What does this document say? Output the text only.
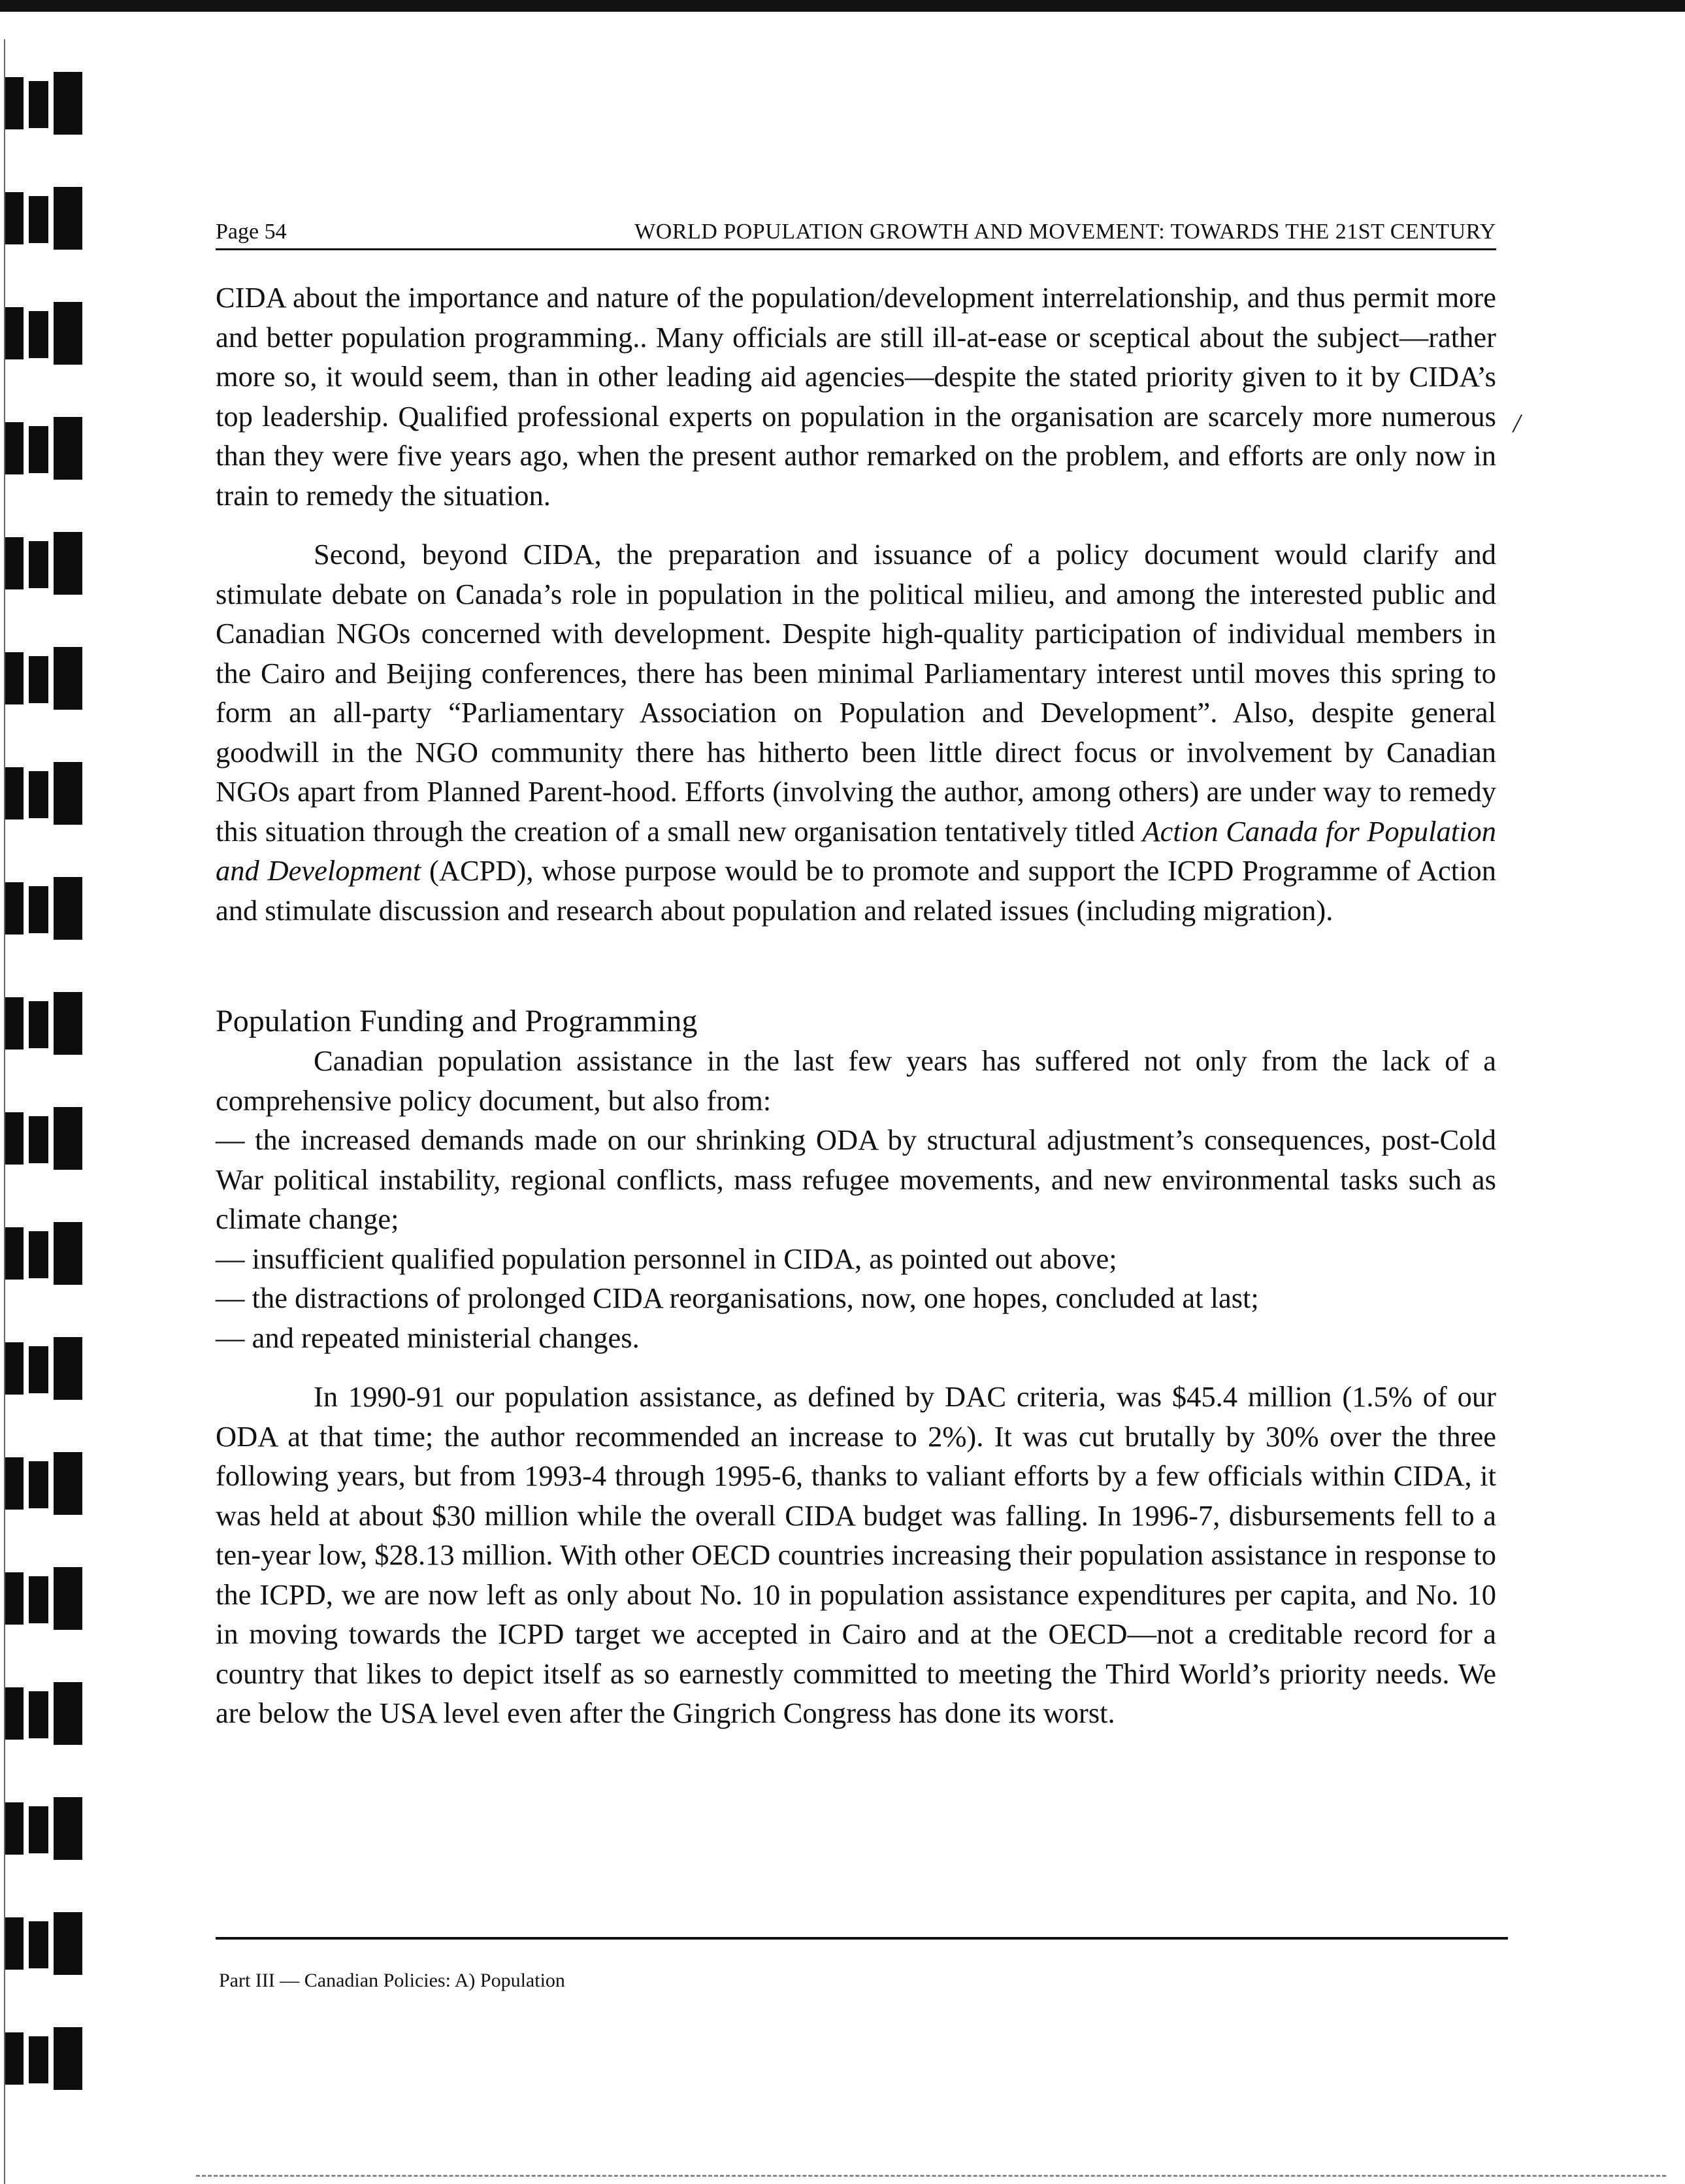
Page 54	WORLD POPULATION GROWTH AND MOVEMENT: TOWARDS THE 21ST CENTURY
/

CIDA about the importance and nature of the population/development interrelationship, and thus permit more and better population programming.. Many officials are still ill-at-ease or sceptical about the subject—rather more so, it would seem, than in other leading aid agencies—despite the stated priority given to it by CIDA’s top leadership. Qualified professional experts on population in the organisation are scarcely more numerous than they were five years ago, when the present author remarked on the problem, and efforts are only now in train to remedy the situation.

Second, beyond CIDA, the preparation and issuance of a policy document would clarify and stimulate debate on Canada’s role in population in the political milieu, and among the interested public and Canadian NGOs concerned with development. Despite high-quality participation of individual members in the Cairo and Beijing conferences, there has been minimal Parliamentary interest until moves this spring to form an all-party “Parliamentary Association on Population and Development”. Also, despite general goodwill in the NGO community there has hitherto been little direct focus or involvement by Canadian NGOs apart from Planned Parent-hood. Efforts (involving the author, among others) are under way to remedy this situation through the creation of a small new organisation tentatively titled Action Canada for Population and Development (ACPD), whose purpose would be to promote and support the ICPD Programme of Action and stimulate discussion and research about population and related issues (including migration).

Population Funding and Programming

Canadian population assistance in the last few years has suffered not only from the lack of a comprehensive policy document, but also from:

— the increased demands made on our shrinking ODA by structural adjustment’s consequences, post-Cold War political instability, regional conflicts, mass refugee movements, and new environmental tasks such as climate change;

— insufficient qualified population personnel in CIDA, as pointed out above;

— the distractions of prolonged CIDA reorganisations, now, one hopes, concluded at last;

— and repeated ministerial changes.

In 1990-91 our population assistance, as defined by DAC criteria, was $45.4 million (1.5% of our ODA at that time; the author recommended an increase to 2%). It was cut brutally by 30% over the three following years, but from 1993-4 through 1995-6, thanks to valiant efforts by a few officials within CIDA, it was held at about $30 million while the overall CIDA budget was falling. In 1996-7, disbursements fell to a ten-year low, $28.13 million. With other OECD countries increasing their population assistance in response to the ICPD, we are now left as only about No. 10 in population assistance expenditures per capita, and No. 10 in moving towards the ICPD target we accepted in Cairo and at the OECD—not a creditable record for a country that likes to depict itself as so earnestly committed to meeting the Third World’s priority needs. We are below the USA level even after the Gingrich Congress has done its worst.

Part III — Canadian Policies: A) Population
